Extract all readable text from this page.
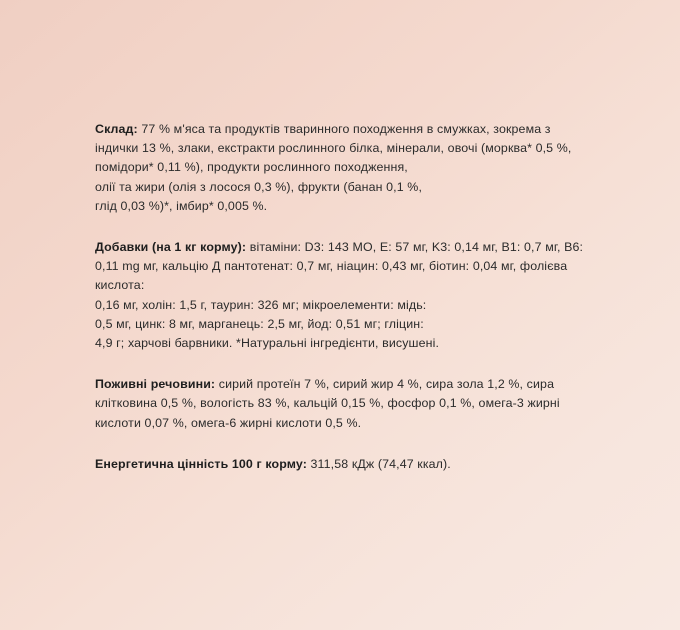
Склад: 77 % м'яса та продуктів тваринного походження в смужках, зокрема з індички 13 %, злаки, екстракти рослинного білка, мінерали, овочі (морква* 0,5 %, помідори* 0,11 %), продукти рослинного походження,
олії та жири (олія з лосося 0,3 %), фрукти (банан 0,1 %,
глід 0,03 %)*, імбир* 0,005 %.
Добавки (на 1 кг корму): вітаміни: D3: 143 МО, E: 57 мг, K3: 0,14 мг, B1: 0,7 мг, B6: 0,11 mg мг, кальцію Д пантотенат: 0,7 мг, ніацин: 0,43 мг, біотин: 0,04 мг, фолієва кислота:
0,16 мг, холін: 1,5 г, таурин: 326 мг; мікроелементи: мідь:
0,5 мг, цинк: 8 мг, марганець: 2,5 мг, йод: 0,51 мг; гліцин:
4,9 г; харчові барвники. *Натуральні інгредієнти, висушені.
Поживні речовини: сирий протеїн 7 %, сирий жир 4 %, сира зола 1,2 %, сира клітковина 0,5 %, вологість 83 %, кальцій 0,15 %, фосфор 0,1 %, омега-3 жирні кислоти 0,07 %, омега-6 жирні кислоти 0,5 %.
Енергетична цінність 100 г корму: 311,58 кДж (74,47 ккал).
